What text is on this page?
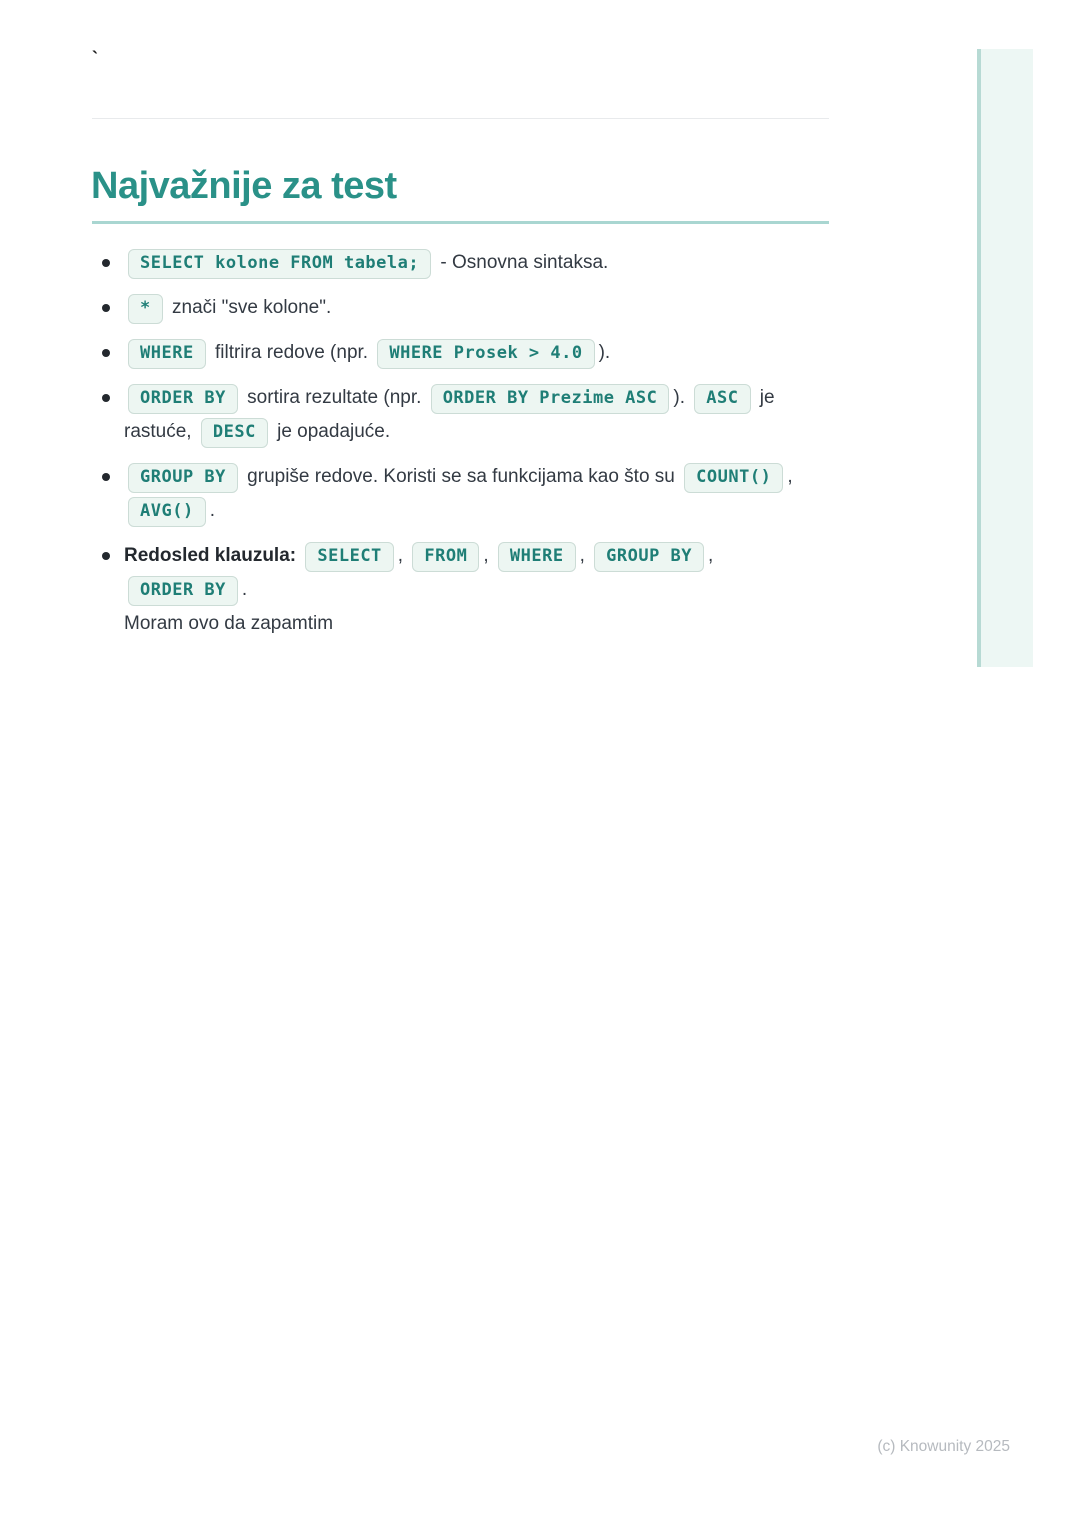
`
Najvažnije za test
SELECT kolone FROM tabela; - Osnovna sintaksa.
* znači "sve kolone".
WHERE filtrira redove (npr. WHERE Prosek > 4.0 ).
ORDER BY sortira rezultate (npr. ORDER BY Prezime ASC ). ASC je rastuće, DESC je opadajuće.
GROUP BY grupiše redove. Koristi se sa funkcijama kao što su COUNT() , AVG() .
Redosled klauzula: SELECT , FROM , WHERE , GROUP BY , ORDER BY .
Moram ovo da zapamtim
(c) Knowunity 2025
